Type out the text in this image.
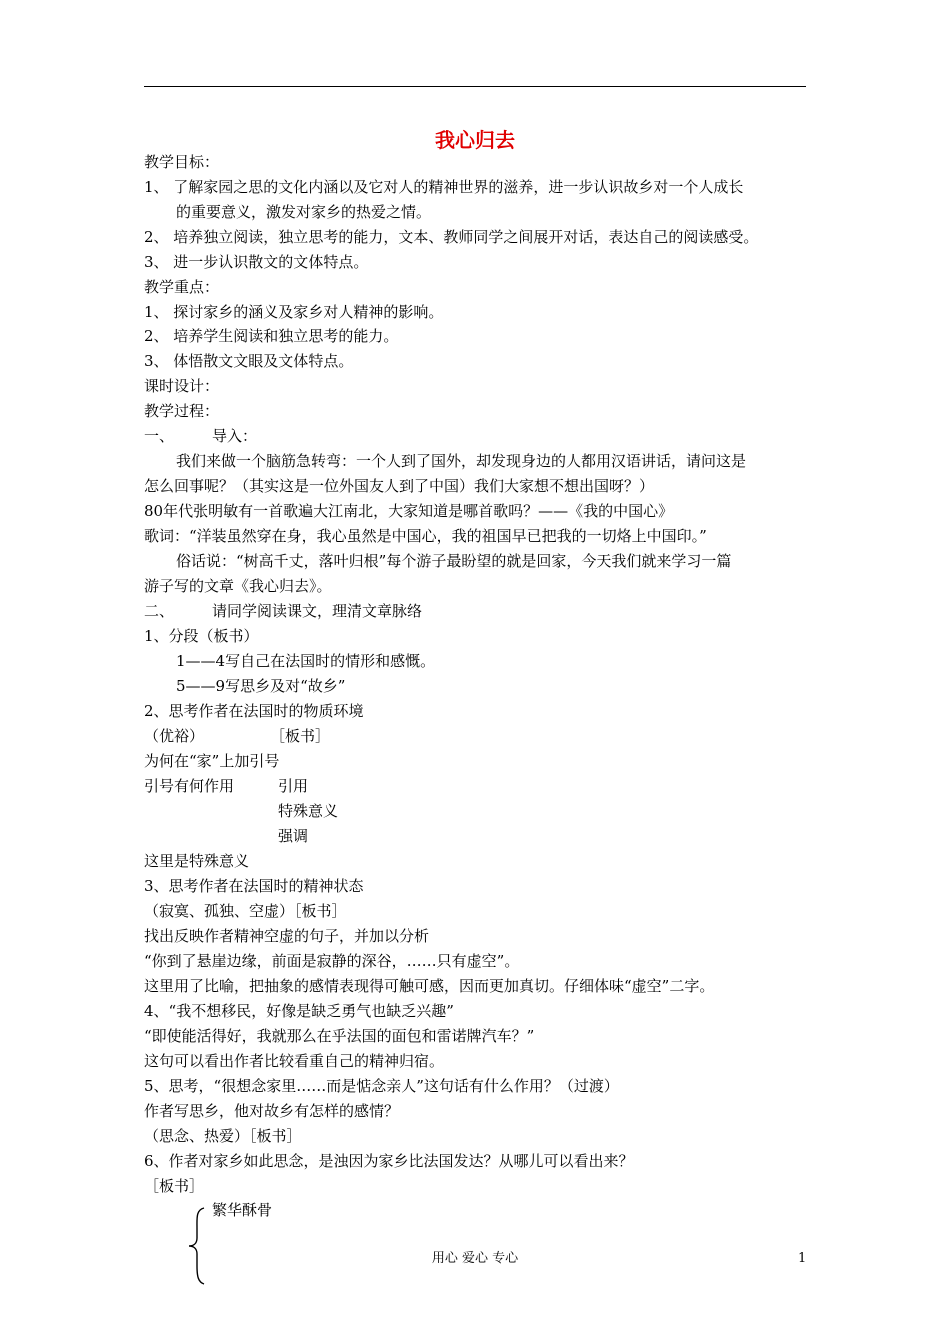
我心归去
教学目标：
1、 了解家园之思的文化内涵以及它对人的精神世界的滋养，进一步认识故乡对一个人成长
的重要意义，激发对家乡的热爱之情。
2、 培养独立阅读，独立思考的能力，文本、教师同学之间展开对话，表达自己的阅读感受。
3、 进一步认识散文的文体特点。
教学重点：
1、 探讨家乡的涵义及家乡对人精神的影响。
2、 培养学生阅读和独立思考的能力。
3、 体悟散文文眼及文体特点。
课时设计：
教学过程：
一、	导入：
我们来做一个脑筋急转弯：一个人到了国外，却发现身边的人都用汉语讲话，请问这是
怎么回事呢？（其实这是一位外国友人到了中国）我们大家想不想出国呀？）
80年代张明敏有一首歌遍大江南北，大家知道是哪首歌吗？——《我的中国心》
歌词：“洋装虽然穿在身，我心虽然是中国心，我的祖国早已把我的一切烙上中国印。”
俗话说：“树高千丈，落叶归根”每个游子最盼望的就是回家，今天我们就来学习一篇
游子写的文章《我心归去》。
二、	请同学阅读课文，理清文章脉络
1、分段（板书）
1——4写自己在法国时的情形和感慨。
5——9写思乡及对“故乡”
2、思考作者在法国时的物质环境
（优裕）	［板书］
为何在“家”上加引号
引号有何作用	引用
特殊意义
强调
这里是特殊意义
3、思考作者在法国时的精神状态
（寂寞、孤独、空虚）［板书］
找出反映作者精神空虚的句子，并加以分析
“你到了悬崖边缘，前面是寂静的深谷，……只有虚空”。
这里用了比喻，把抽象的感情表现得可触可感，因而更加真切。仔细体味“虚空”二字。
4、“我不想移民，好像是缺乏勇气也缺乏兴趣”
“即使能活得好，我就那么在乎法国的面包和雷诺牌汽车？”
这句可以看出作者比较看重自己的精神归宿。
5、思考，“很想念家里……而是惦念亲人”这句话有什么作用？（过渡）
作者写思乡，他对故乡有怎样的感情？
（思念、热爱）［板书］
6、作者对家乡如此思念，是浊因为家乡比法国发达？从哪儿可以看出来？
［板书］
繁华酥骨
用心 爱心 专心	1
